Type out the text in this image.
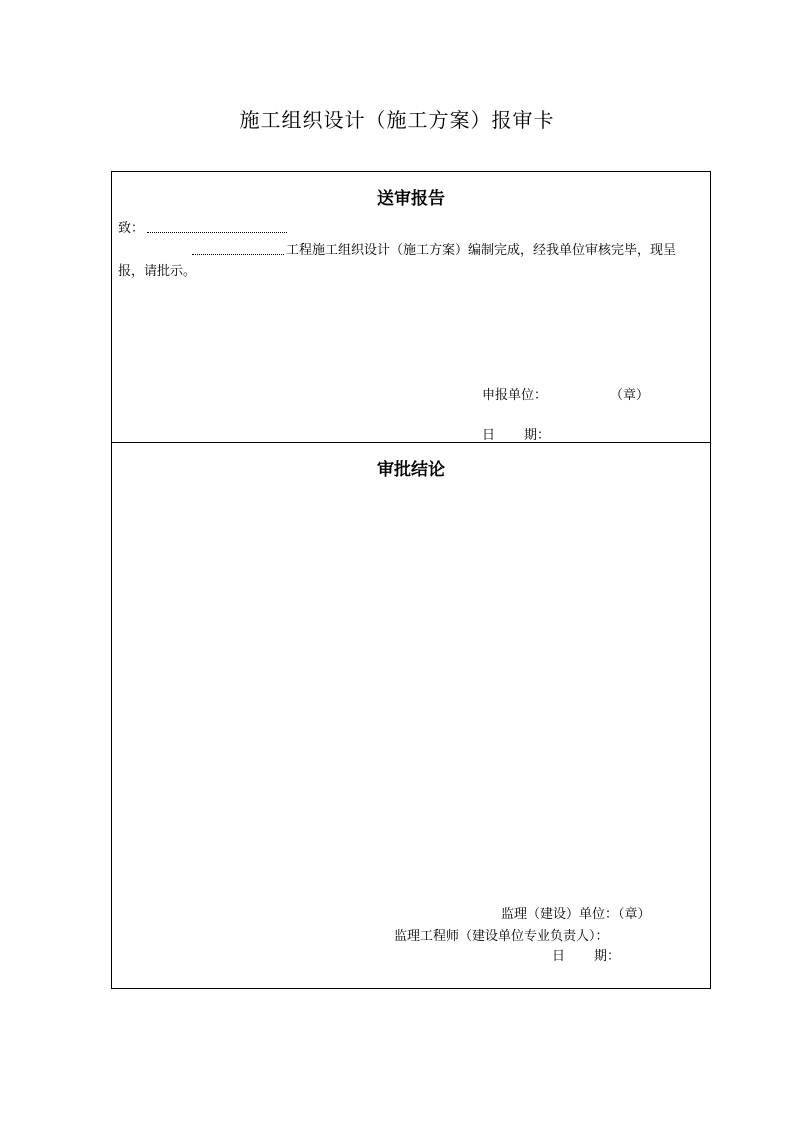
施工组织设计（施工方案）报审卡
送审报告
致：
工程施工组织设计（施工方案）编制完成，经我单位审核完毕，现呈
报，请批示。
申报单位：	（章）
日 期：
审批结论
监理（建设）单位：（章）
监理工程师（建设单位专业负责人）：
日 期：
